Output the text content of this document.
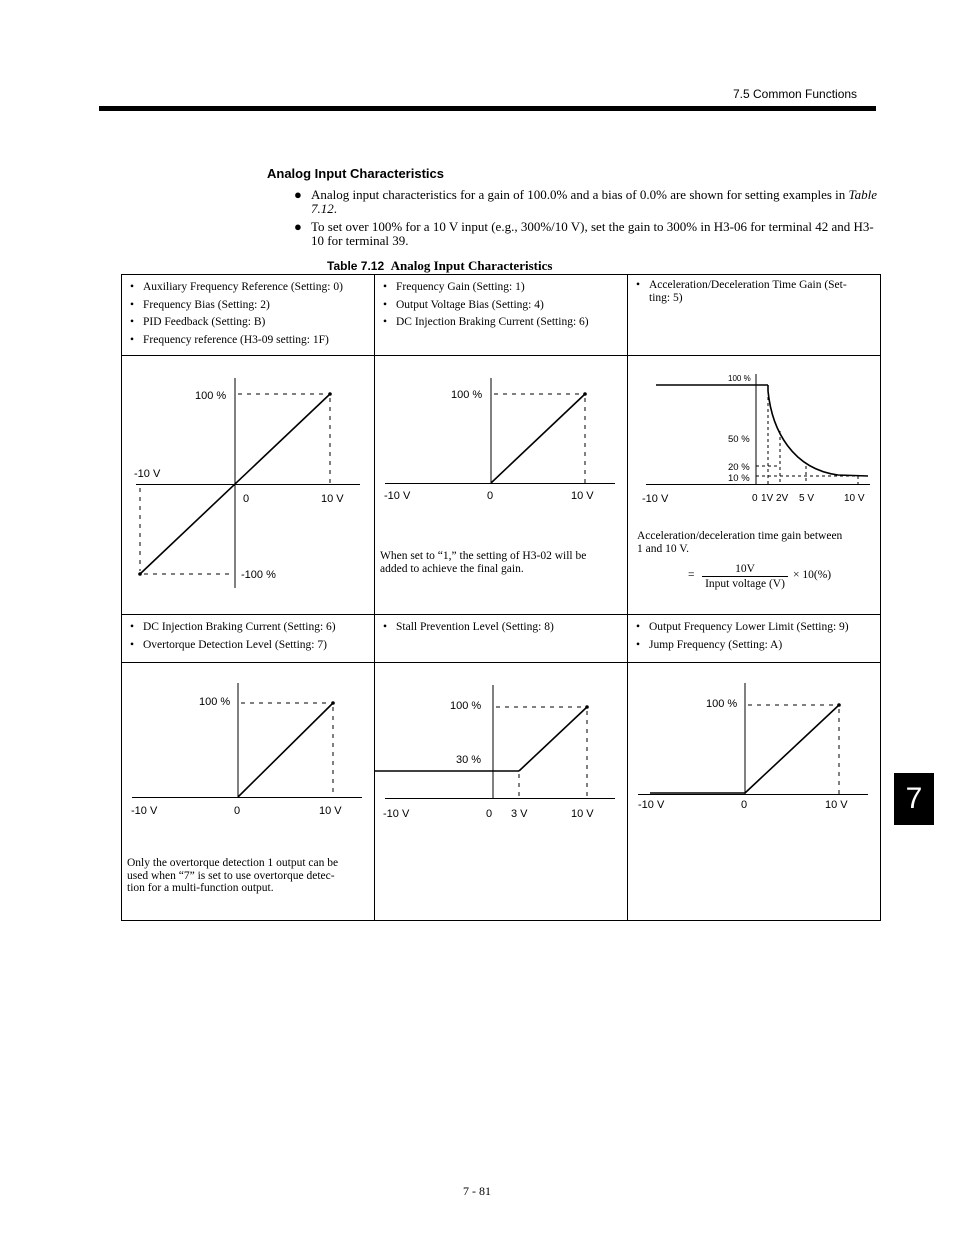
7.5 Common Functions
Analog Input Characteristics
● Analog input characteristics for a gain of 100.0% and a bias of 0.0% are shown for setting examples in Table 7.12.
● To set over 100% for a 10 V input (e.g., 300%/10 V), set the gain to 300% in H3-06 for terminal 42 and H3-10 for terminal 39.
Table 7.12 Analog Input Characteristics
• Auxiliary Frequency Reference (Setting: 0)
• Frequency Bias (Setting: 2)
• PID Feedback (Setting: B)
• Frequency reference (H3-09 setting: 1F)
• Frequency Gain (Setting: 1)
• Output Voltage Bias (Setting: 4)
• DC Injection Braking Current (Setting: 6)
• Acceleration/Deceleration Time Gain (Set-
ting: 5)
100 %
-100 %
-10 V
0	10 V
100 %
-10 V	0	10 V
When set to “1,” the setting of H3-02 will be
added to achieve the final gain.
100 %
50 %
20 %
10 %
-10 V	0 1V 2V 5 V	10 V
Acceleration/deceleration time gain between
1 and 10 V.
=	10V
Input voltage (V)
× 10(%)
• DC Injection Braking Current (Setting: 6)
• Overtorque Detection Level (Setting: 7)
• Stall Prevention Level (Setting: 8)
•	Output Frequency Lower Limit (Setting: 9)
• Jump Frequency (Setting: A)
100 %
-10 V	0	10 V
Only the overtorque detection 1 output can be
used when “7” is set to use overtorque detec-
tion for a multi-function output.
100 %
30 %
-10 V	0 3 V	10 V
100 %
-10 V	0	10 V	7
7 - 81
